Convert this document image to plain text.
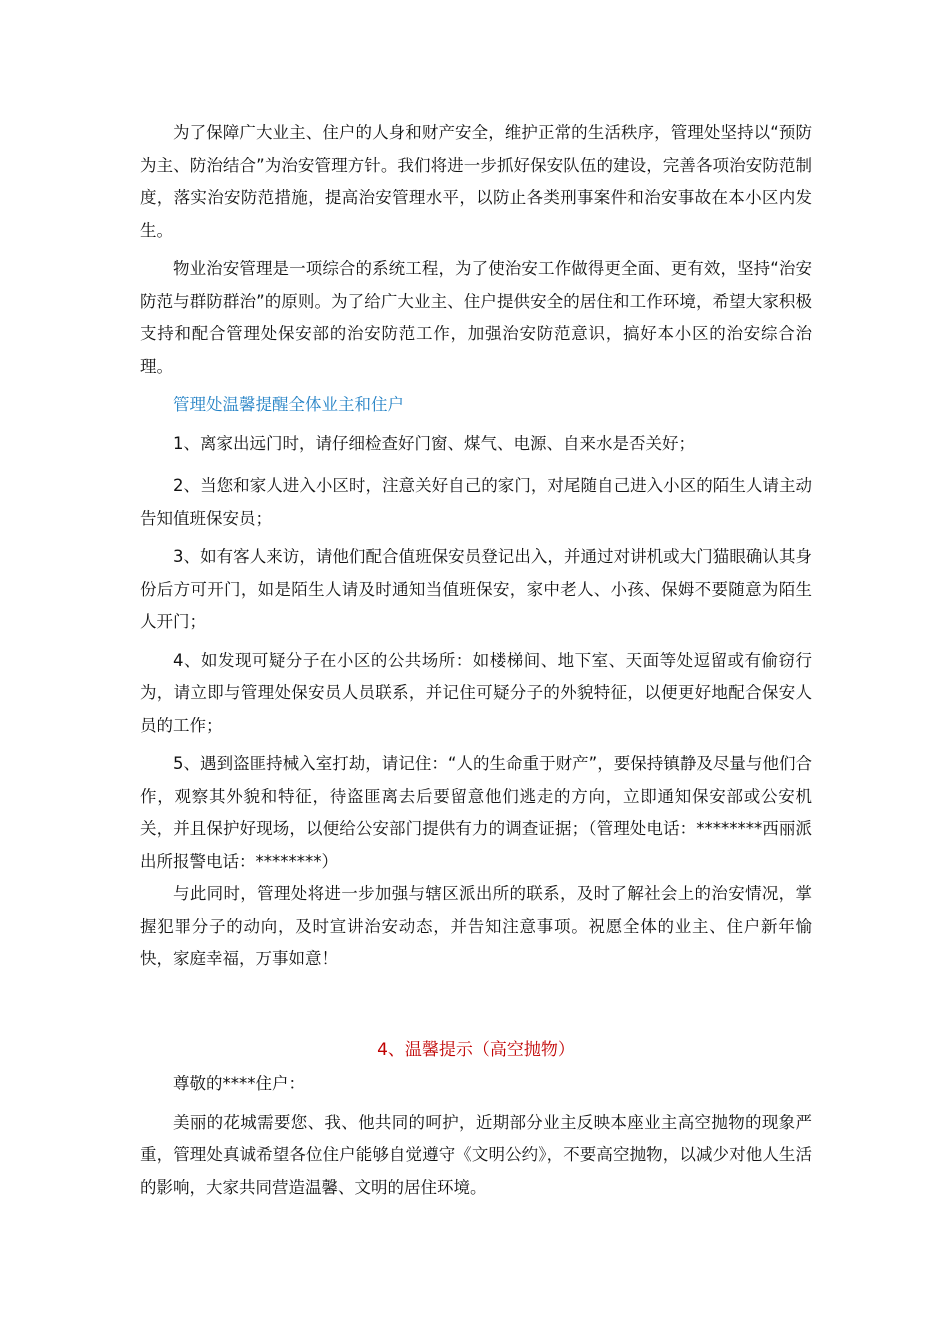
为了保障广大业主、住户的人身和财产安全，维护正常的生活秩序，管理处坚持以“预防为主、防治结合”为治安管理方针。我们将进一步抓好保安队伍的建设，完善各项治安防范制度，落实治安防范措施，提高治安管理水平，以防止各类刑事案件和治安事故在本小区内发生。

物业治安管理是一项综合的系统工程，为了使治安工作做得更全面、更有效，坚持“治安防范与群防群治”的原则。为了给广大业主、住户提供安全的居住和工作环境，希望大家积极支持和配合管理处保安部的治安防范工作，加强治安防范意识，搞好本小区的治安综合治理。

管理处温馨提醒全体业主和住户

1、离家出远门时，请仔细检查好门窗、煤气、电源、自来水是否关好；

2、当您和家人进入小区时，注意关好自己的家门，对尾随自己进入小区的陌生人请主动告知值班保安员；

3、如有客人来访，请他们配合值班保安员登记出入，并通过对讲机或大门猫眼确认其身份后方可开门，如是陌生人请及时通知当值班保安，家中老人、小孩、保姆不要随意为陌生人开门；

4、如发现可疑分子在小区的公共场所：如楼梯间、地下室、天面等处逗留或有偷窃行为，请立即与管理处保安员人员联系，并记住可疑分子的外貌特征，以便更好地配合保安人员的工作；

5、遇到盗匪持械入室打劫，请记住：“人的生命重于财产”，要保持镇静及尽量与他们合作，观察其外貌和特征，待盗匪离去后要留意他们逃走的方向，立即通知保安部或公安机关，并且保护好现场，以便给公安部门提供有力的调查证据；（管理处电话：********西丽派出所报警电话：********）

与此同时，管理处将进一步加强与辖区派出所的联系，及时了解社会上的治安情况，掌握犯罪分子的动向，及时宣讲治安动态，并告知注意事项。祝愿全体的业主、住户新年愉快，家庭幸福，万事如意！

4、温馨提示（高空抛物）

尊敬的****住户：

美丽的花城需要您、我、他共同的呵护，近期部分业主反映本座业主高空抛物的现象严重，管理处真诚希望各位住户能够自觉遵守《文明公约》，不要高空抛物，以减少对他人生活的影响，大家共同营造温馨、文明的居住环境。
